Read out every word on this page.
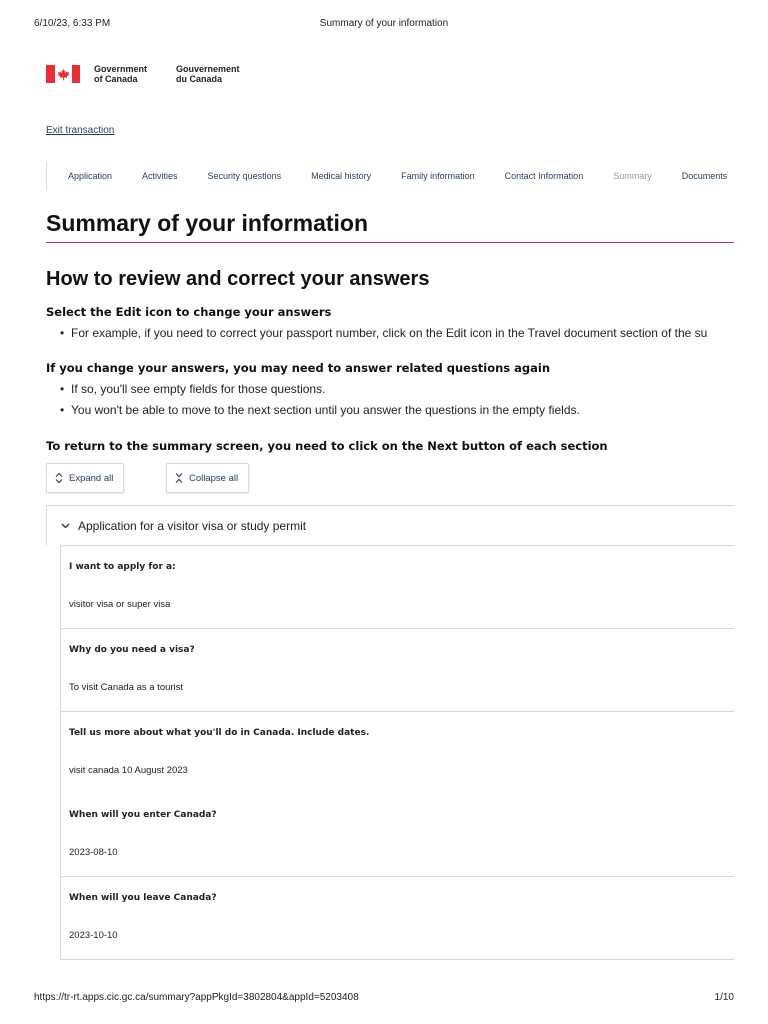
6/10/23, 6:33 PM	Summary of your information
Government
of Canada
Gouvernement
du Canada
Exit transaction
Application	Activities	Security questions	Medical history	Family information	Contact Information	Summary	Documents
Summary of your information
How to review and correct your answers
Select the Edit icon to change your answers
• For example, if you need to correct your passport number, click on the Edit icon in the Travel document section of the su
If you change your answers, you may need to answer related questions again
• If so, you'll see empty fields for those questions.
• You won't be able to move to the next section until you answer the questions in the empty fields.
To return to the summary screen, you need to click on the Next button of each section
Expand all	Collapse all
Application for a visitor visa or study permit
I want to apply for a:
visitor visa or super visa
Why do you need a visa?
To visit Canada as a tourist
Tell us more about what you'll do in Canada. Include dates.
visit canada 10 August 2023
When will you enter Canada?
2023-08-10
When will you leave Canada?
2023-10-10
https://tr-rt.apps.cic.gc.ca/summary?appPkgId=3802804&appId=5203408	1/10
